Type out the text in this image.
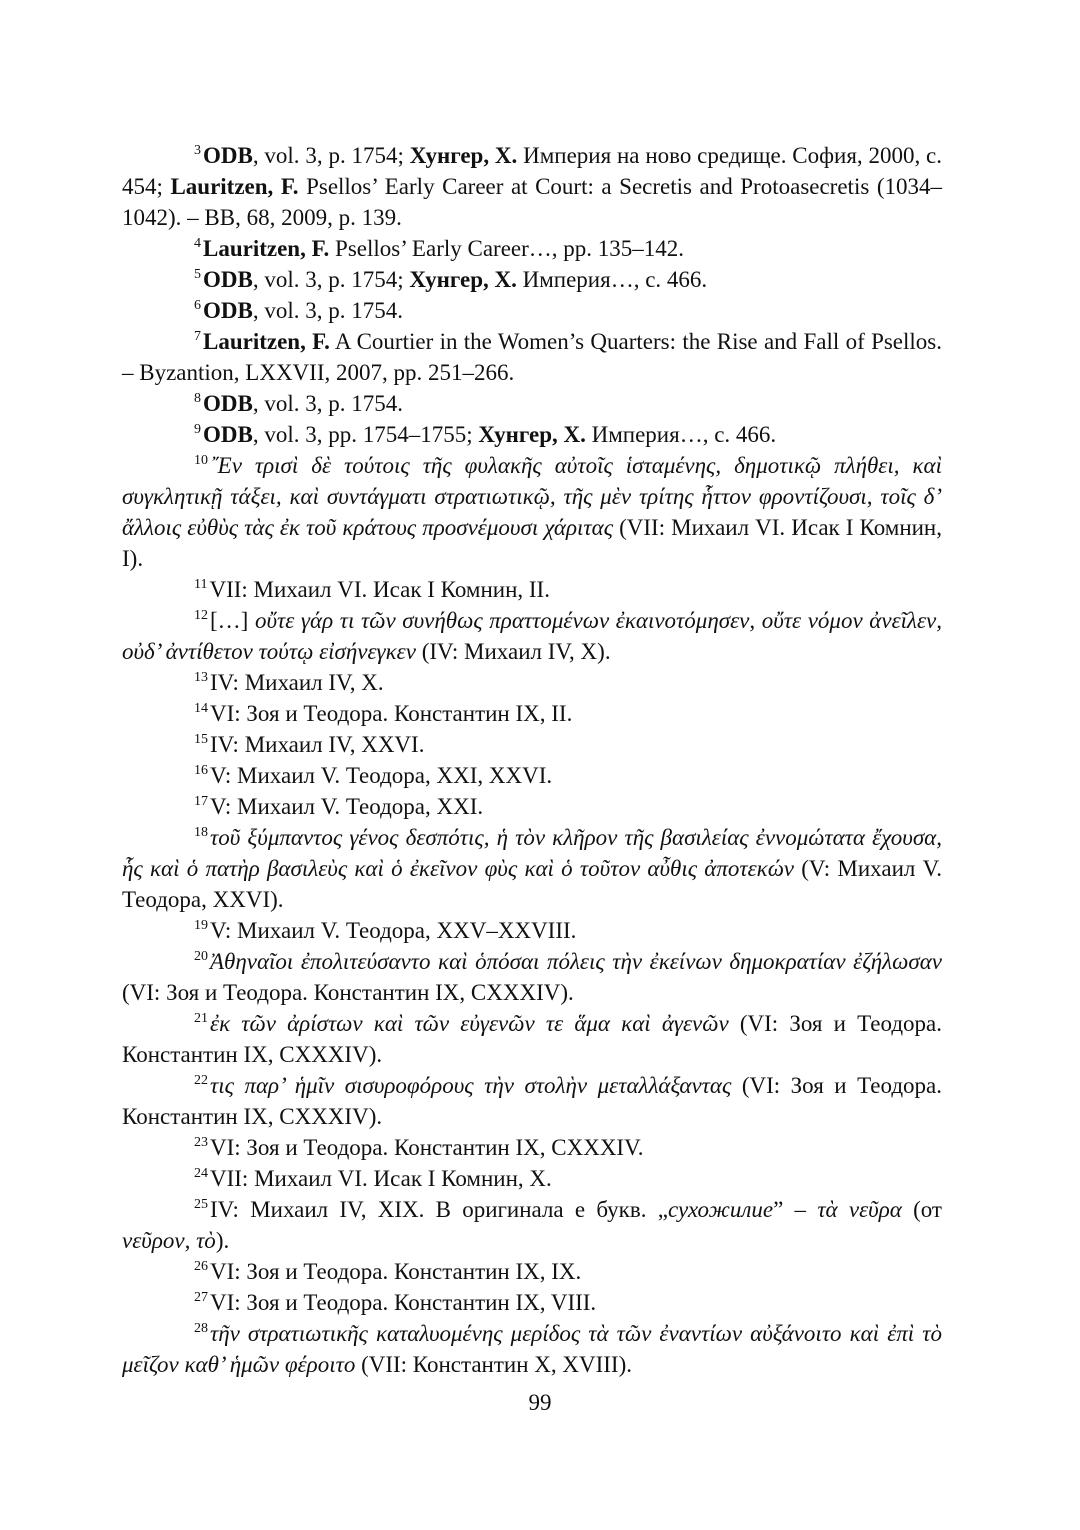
$^3$ODB, vol. 3, p. 1754; Хунгер, Х. Империя на ново средище. София, 2000, с. 454; Lauritzen, F. Psellos’ Early Career at Court: a Secretis and Protoasecretis (1034–1042). – BB, 68, 2009, p. 139.

$^4$Lauritzen, F. Psellos’ Early Career…, pp. 135–142.

$^5$ODB, vol. 3, p. 1754; Хунгер, Х. Империя…, с. 466.

$^6$ODB, vol. 3, p. 1754.

$^7$Lauritzen, F. A Courtier in the Women’s Quarters: the Rise and Fall of Psellos. – Byzantion, LXXVII, 2007, pp. 251–266.

$^8$ODB, vol. 3, p. 1754.

$^9$ODB, vol. 3, pp. 1754–1755; Хунгер, Х. Империя…, с. 466.

$^{10}$῎Εν τρισὶ δὲ τούτοις τῆς φυλακῆς αὐτοῖς ἱσταμένης, δημοτικῷ πλήθει, καὶ συγκλητικῇ τάξει, καὶ συντάγματι στρατιωτικῷ, τῆς μὲν τρίτης ἧττον φροντίζουσι, τοῖς δ’ ἄλλοις εὐθὺς τὰς ἐκ τοῦ κράτους προσνέμουσι χάριτας (VII: Михаил VI. Исак I Комнин, I).

$^{11}$VII: Михаил VI. Исак I Комнин, II.

$^{12}$[…] οὔτε γάρ τι τῶν συνήθως πραττομένων ἐκαινοτόμησεν, οὔτε νόμον ἀνεῖλεν, οὐδ’ ἀντίθετον τούτῳ εἰσήνεγκεν (IV: Михаил IV, X).

$^{13}$IV: Михаил IV, X.

$^{14}$VI: Зоя и Теодора. Константин IX, II.

$^{15}$IV: Михаил IV, XXVI.

$^{16}$V: Михаил V. Теодора, XXI, XXVI.

$^{17}$V: Михаил V. Теодора, XXI.

$^{18}$τοῦ ξύμπαντος γένος δεσπότις, ἡ τὸν κλῆρον τῆς βασιλείας ἐννομώτατα ἔχουσα, ἧς καὶ ὁ πατὴρ βασιλεὺς καὶ ὁ ἐκεῖνον φὺς καὶ ὁ τοῦτον αὖθις ἀποτεκών (V: Михаил V. Теодора, XXVI).

$^{19}$V: Михаил V. Теодора, XXV–XXVIII.

$^{20}$Ἀθηναῖοι ἐπολιτεύσαντο καὶ ὁπόσαι πόλεις τὴν ἐκείνων δημοκρατίαν ἐζήλωσαν (VI: Зоя и Теодора. Константин IX, CXXXIV).

$^{21}$ἐκ τῶν ἀρίστων καὶ τῶν εὐγενῶν τε ἅμα καὶ ἀγενῶν (VI: Зоя и Теодора. Константин IX, CXXXIV).

$^{22}$τις παρ’ ἡμῖν σισυροφόρους τὴν στολὴν μεταλλάξαντας (VI: Зоя и Теодора. Константин IX, CXXXIV).

$^{23}$VI: Зоя и Теодора. Константин IX, CXXXIV.

$^{24}$VII: Михаил VI. Исак I Комнин, X.

$^{25}$IV: Михаил IV, XIX. В оригинала е букв. „сухожилие” – τὰ νεῦρα (от νεῦρον, τὸ).

$^{26}$VI: Зоя и Теодора. Константин IX, IX.

$^{27}$VI: Зоя и Теодора. Константин IX, VIII.

$^{28}$τῆν στρατιωτικῆς καταλυομένης μερίδος τὰ τῶν ἐναντίων αὐξάνοιτο καὶ ἐπὶ τὸ μεῖζον καθ’ ἡμῶν φέροιτο (VII: Константин X, XVIII).

99
